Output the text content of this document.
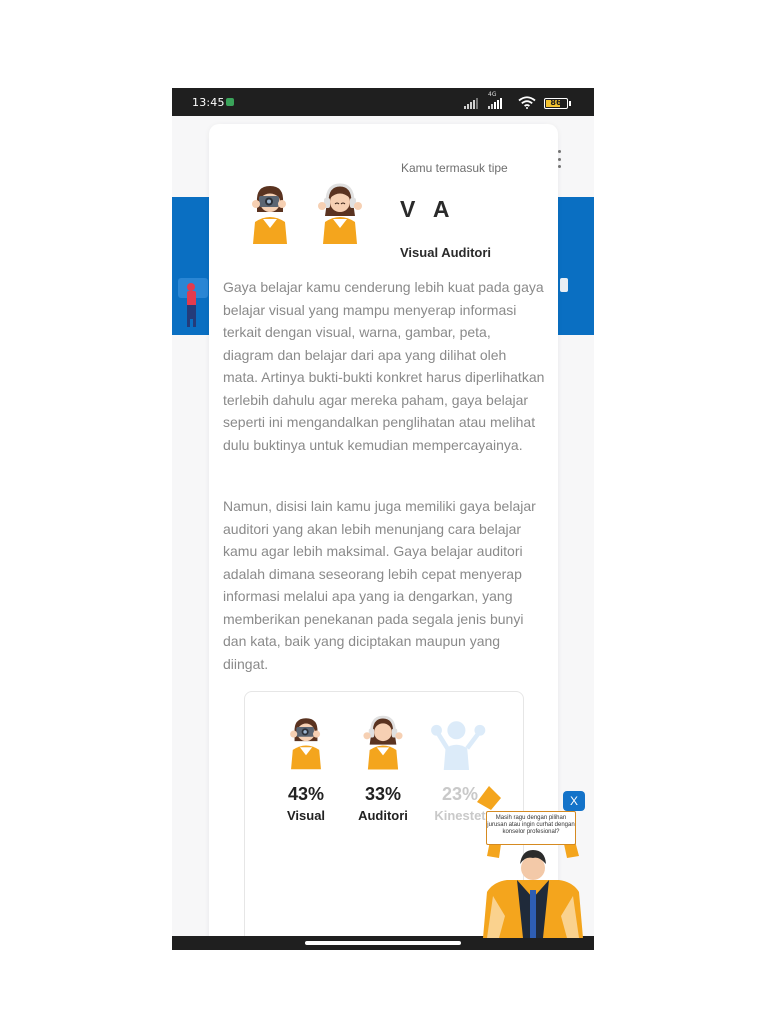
13:45
4G
86
Kamu termasuk tipe
V A
Visual Auditori

Gaya belajar kamu cenderung lebih kuat pada gaya belajar visual yang mampu menyerap informasi terkait dengan visual, warna, gambar, peta, diagram dan belajar dari apa yang dilihat oleh mata. Artinya bukti-bukti konkret harus diperlihatkan terlebih dahulu agar mereka paham, gaya belajar seperti ini mengandalkan penglihatan atau melihat dulu buktinya untuk kemudian mempercayainya.

Namun, disisi lain kamu juga memiliki gaya belajar auditori yang akan lebih menunjang cara belajar kamu agar lebih maksimal. Gaya belajar auditori adalah dimana seseorang lebih cepat menyerap informasi melalui apa yang ia dengarkan, yang memberikan penekanan pada segala jenis bunyi dan kata, baik yang diciptakan maupun yang diingat.

43%
Visual
33%
Auditori
23%
Kinestet	Masih ragu dengan pilihan jurusan atau ingin curhat dengan konselor profesional?
X
